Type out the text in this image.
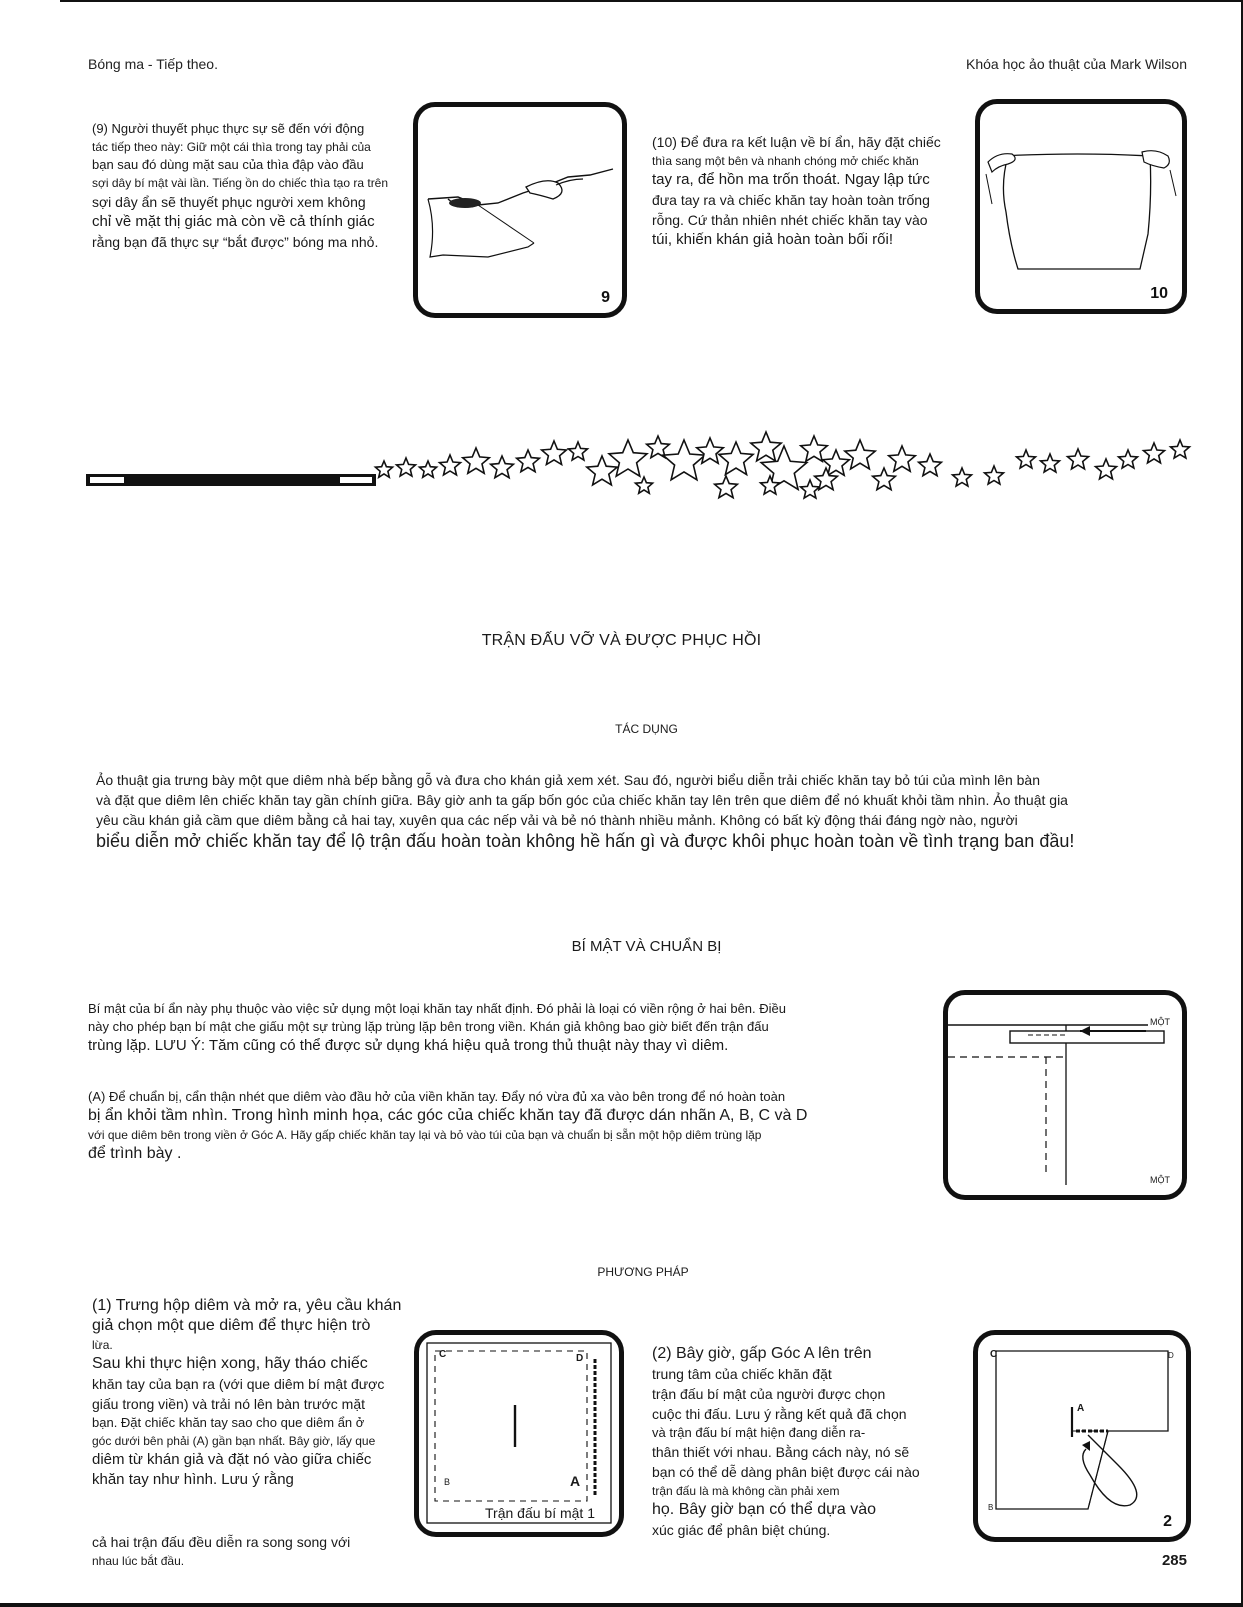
Bóng ma - Tiếp theo.	Khóa học ảo thuật của Mark Wilson

(9) Người thuyết phục thực sự sẽ đến với động

tác tiếp theo này: Giữ một cái thìa trong tay phải của

bạn sau đó dùng mặt sau của thìa đập vào đầu

sợi dây bí mật vài lần. Tiếng ồn do chiếc thìa tạo ra trên

sợi dây ẩn sẽ thuyết phục người xem không

chỉ về mặt thị giác mà còn về cả thính giác

rằng bạn đã thực sự “bắt được” bóng ma nhỏ.

9

(10) Để đưa ra kết luận về bí ẩn, hãy đặt chiếc

thìa sang một bên và nhanh chóng mở chiếc khăn

tay ra, để hồn ma trốn thoát. Ngay lập tức

đưa tay ra và chiếc khăn tay hoàn toàn trống

rỗng. Cứ thản nhiên nhét chiếc khăn tay vào

túi, khiến khán giả hoàn toàn bối rối!

10
TRẬN ĐẤU VỠ VÀ ĐƯỢC PHỤC HỒI
TÁC DỤNG

Ảo thuật gia trưng bày một que diêm nhà bếp bằng gỗ và đưa cho khán giả xem xét. Sau đó, người biểu diễn trải chiếc khăn tay bỏ túi của mình lên bàn

và đặt que diêm lên chiếc khăn tay gần chính giữa. Bây giờ anh ta gấp bốn góc của chiếc khăn tay lên trên que diêm để nó khuất khỏi tầm nhìn. Ảo thuật gia

yêu cầu khán giả cầm que diêm bằng cả hai tay, xuyên qua các nếp vải và bẻ nó thành nhiều mảnh. Không có bất kỳ động thái đáng ngờ nào, người

biểu diễn mở chiếc khăn tay để lộ trận đấu hoàn toàn không hề hấn gì và được khôi phục hoàn toàn về tình trạng ban đầu!

BÍ MẬT VÀ CHUẨN BỊ

Bí mật của bí ẩn này phụ thuộc vào việc sử dụng một loại khăn tay nhất định. Đó phải là loại có viền rộng ở hai bên. Điều

này cho phép bạn bí mật che giấu một sự trùng lặp trùng lặp bên trong viền. Khán giả không bao giờ biết đến trận đấu

trùng lặp. LƯU Ý: Tăm cũng có thể được sử dụng khá hiệu quả trong thủ thuật này thay vì diêm.

(A) Để chuẩn bị, cẩn thận nhét que diêm vào đầu hở của viền khăn tay. Đẩy nó vừa đủ xa vào bên trong để nó hoàn toàn

bị ẩn khỏi tầm nhìn. Trong hình minh họa, các góc của chiếc khăn tay đã được dán nhãn A, B, C và D

với que diêm bên trong viền ở Góc A. Hãy gấp chiếc khăn tay lại và bỏ vào túi của bạn và chuẩn bị sẵn một hộp diêm trùng lặp

để trình bày .

MỘT
MỘT
PHƯƠNG PHÁP

(1) Trưng hộp diêm và mở ra, yêu cầu khán

giả chọn một que diêm để thực hiện trò

lừa.

Sau khi thực hiện xong, hãy tháo chiếc

khăn tay của bạn ra (với que diêm bí mật được

giấu trong viền) và trải nó lên bàn trước mặt

bạn. Đặt chiếc khăn tay sao cho que diêm ẩn ở

góc dưới bên phải (A) gần bạn nhất. Bây giờ, lấy que

diêm từ khán giả và đặt nó vào giữa chiếc

khăn tay như hình. Lưu ý rằng

cả hai trận đấu đều diễn ra song song với

nhau lúc bắt đầu.

C	D
B	A
Trận đấu bí mật 1

(2) Bây giờ, gấp Góc A lên trên

trung tâm của chiếc khăn đặt

trận đấu bí mật của người được chọn

cuộc thi đấu. Lưu ý rằng kết quả đã chọn

và trận đấu bí mật hiện đang diễn ra-

thân thiết với nhau. Bằng cách này, nó sẽ

bạn có thể dễ dàng phân biệt được cái nào

trận đấu là mà không cần phải xem

họ. Bây giờ bạn có thể dựa vào

xúc giác để phân biệt chúng.

C	D
B
A
2
285
